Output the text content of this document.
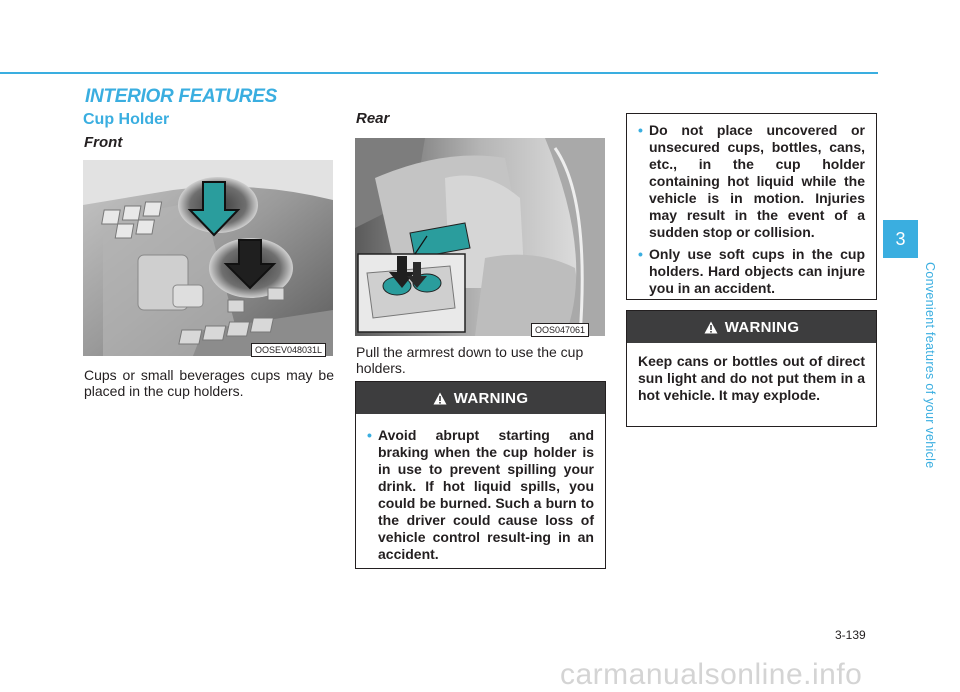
INTERIOR FEATURES
Cup Holder
Front
OOSEV048031L
Cups or small beverages cups may be placed in the cup holders.
Rear
OOS047061
Pull the armrest down to use the cup holders.
WARNING
• Avoid abrupt starting and braking when the cup holder is in use to prevent spilling your drink. If hot liquid spills, you could be burned. Such a burn to the driver could cause loss of vehicle control result-ing in an accident.
• Do not place uncovered or unsecured cups, bottles, cans, etc., in the cup holder containing hot liquid while the vehicle is in motion. Injuries may result in the event of a sudden stop or collision.
• Only use soft cups in the cup holders. Hard objects can injure you in an accident.
WARNING
Keep cans or bottles out of direct sun light and do not put them in a hot vehicle. It may explode.
3
Convenient features of your vehicle
3-139
carmanualsonline.info
